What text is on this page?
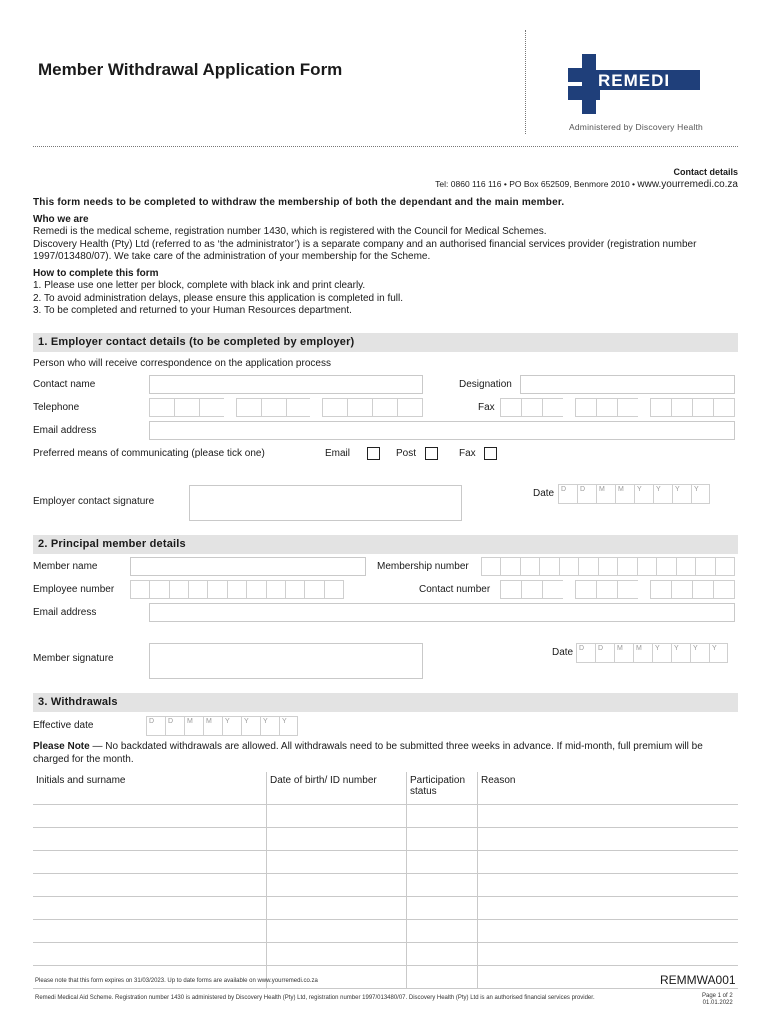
Member Withdrawal Application Form
REMEDI
Administered by Discovery Health
Contact details
Tel: 0860 116 116 • PO Box 652509, Benmore 2010 • www.yourremedi.co.za
This form needs to be completed to withdraw the membership of both the dependant and the main member.
Who we are
Remedi is the medical scheme, registration number 1430, which is registered with the Council for Medical Schemes.
Discovery Health (Pty) Ltd (referred to as ‘the administrator’) is a separate company and an authorised financial services provider (registration number 1997/013480/07). We take care of the administration of your membership for the Scheme.
How to complete this form
1. Please use one letter per block, complete with black ink and print clearly.
2. To avoid administration delays, please ensure this application is completed in full.
3. To be completed and returned to your Human Resources department.
1. Employer contact details (to be completed by employer)
Person who will receive correspondence on the application process
Contact name	Designation
Telephone	Fax
Email address
Preferred means of communicating (please tick one)	Email	Post	Fax
Employer contact signature
Date D	D	M	M	Y	Y	Y	Y
2. Principal member details
Member name	Membership number
Employee number	Contact number
Email address
Member signature
Date D	D	M	M	Y	Y	Y	Y
3. Withdrawals
Effective date	D	D	M	M	Y	Y	Y	Y
Please Note — No backdated withdrawals are allowed. All withdrawals need to be submitted three weeks in advance. If mid-month, full premium will be charged for the month.
Initials and surname	Date of birth/ ID number	Participation status	Reason

Please note that this form expires on 31/03/2023. Up to date forms are available on www.yourremedi.co.za	REMMWA001
Remedi Medical Aid Scheme. Registration number 1430 is administered by Discovery Health (Pty) Ltd, registration number 1997/013480/07. Discovery Health (Pty) Ltd is an authorised financial services provider.	Page 1 of 2
01.01.2022
